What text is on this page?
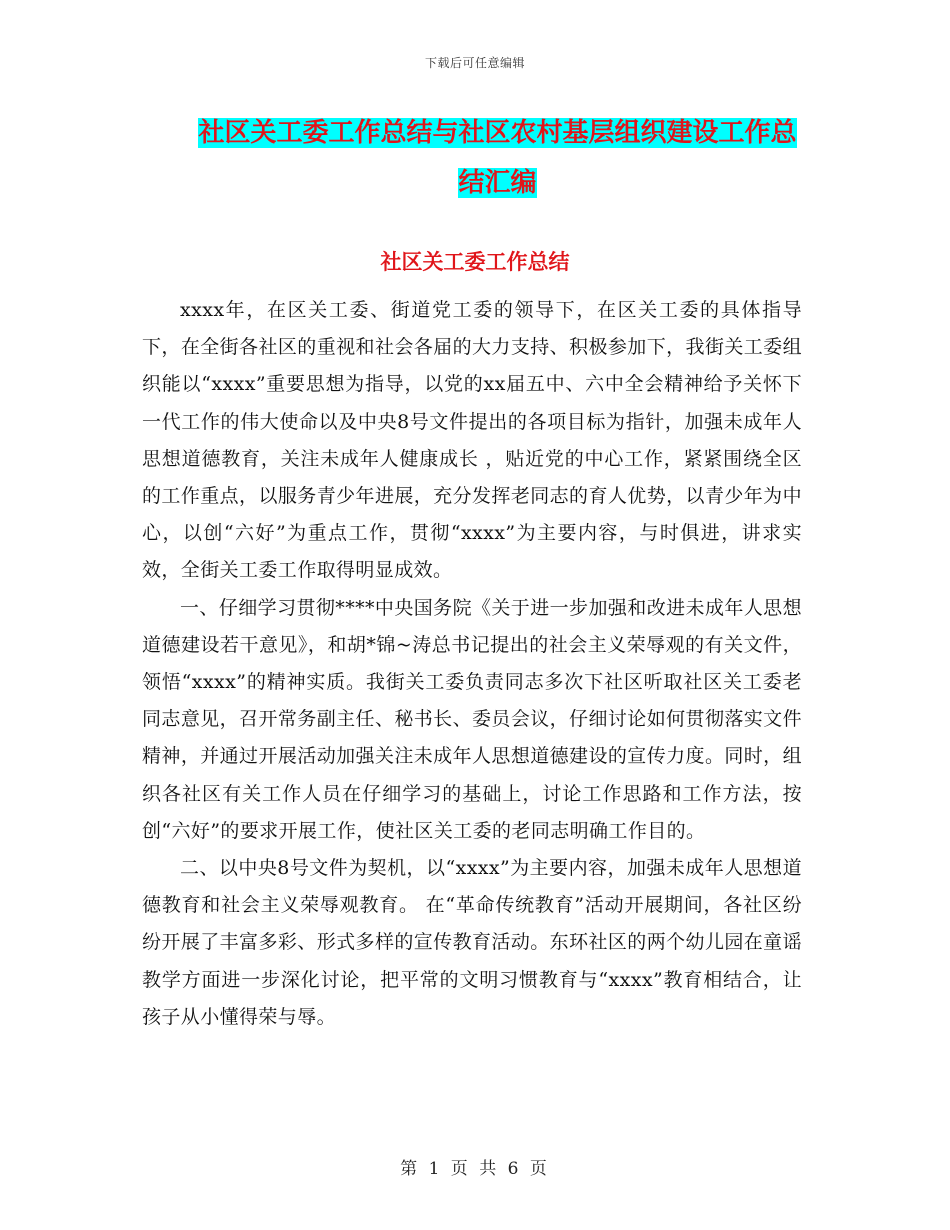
下载后可任意编辑
社区关工委工作总结与社区农村基层组织建设工作总
结汇编
社区关工委工作总结

xxxx年，在区关工委、街道党工委的领导下，在区关工委的具体指导下，在全街各社区的重视和社会各届的大力支持、积极参加下，我街关工委组织能以“xxxx”重要思想为指导，以党的xx届五中、六中全会精神给予关怀下一代工作的伟大使命以及中央8号文件提出的各项目标为指针，加强未成年人思想道德教育，关注未成年人健康成长 ，贴近党的中心工作，紧紧围绕全区的工作重点，以服务青少年进展，充分发挥老同志的育人优势，以青少年为中心，以创“六好”为重点工作，贯彻“xxxx”为主要内容，与时俱进，讲求实效，全街关工委工作取得明显成效。

一、仔细学习贯彻****中央国务院《关于进一步加强和改进未成年人思想道德建设若干意见》，和胡*锦~涛总书记提出的社会主义荣辱观的有关文件，领悟“xxxx”的精神实质。我街关工委负责同志多次下社区听取社区关工委老同志意见，召开常务副主任、秘书长、委员会议，仔细讨论如何贯彻落实文件精神，并通过开展活动加强关注未成年人思想道德建设的宣传力度。同时，组织各社区有关工作人员在仔细学习的基础上，讨论工作思路和工作方法，按创“六好”的要求开展工作，使社区关工委的老同志明确工作目的。

二、以中央8号文件为契机，以“xxxx”为主要内容，加强未成年人思想道德教育和社会主义荣辱观教育。 在“革命传统教育”活动开展期间，各社区纷纷开展了丰富多彩、形式多样的宣传教育活动。东环社区的两个幼儿园在童谣教学方面进一步深化讨论，把平常的文明习惯教育与“xxxx”教育相结合，让孩子从小懂得荣与辱。

第 1 页 共 6 页
